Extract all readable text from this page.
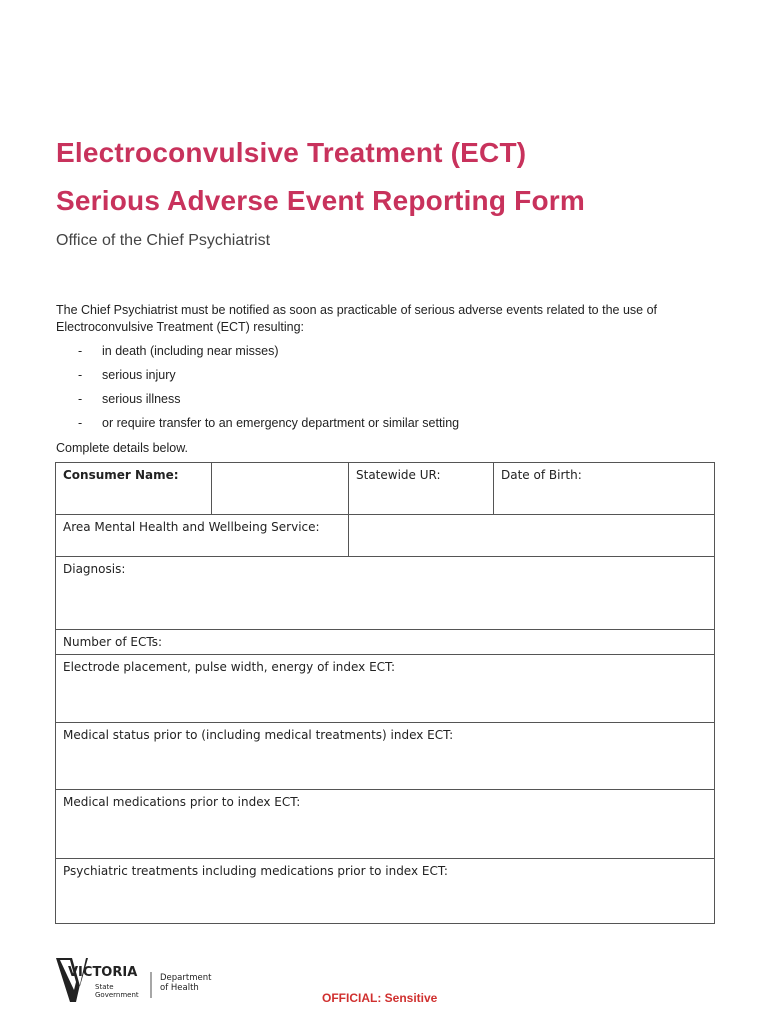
Electroconvulsive Treatment (ECT)
Serious Adverse Event Reporting Form
Office of the Chief Psychiatrist
The Chief Psychiatrist must be notified as soon as practicable of serious adverse events related to the use of Electroconvulsive Treatment (ECT) resulting:
- in death (including near misses)
- serious injury
- serious illness
- or require transfer to an emergency department or similar setting
Complete details below.
Consumer Name:	Statewide UR:	Date of Birth:
Area Mental Health and Wellbeing Service:
Diagnosis:
Number of ECTs:
Electrode placement, pulse width, energy of index ECT:
Medical status prior to (including medical treatments) index ECT:
Medical medications prior to index ECT:
Psychiatric treatments including medications prior to index ECT:
VICTORIA
State
Government
Department
of Health
OFFICIAL: Sensitive
